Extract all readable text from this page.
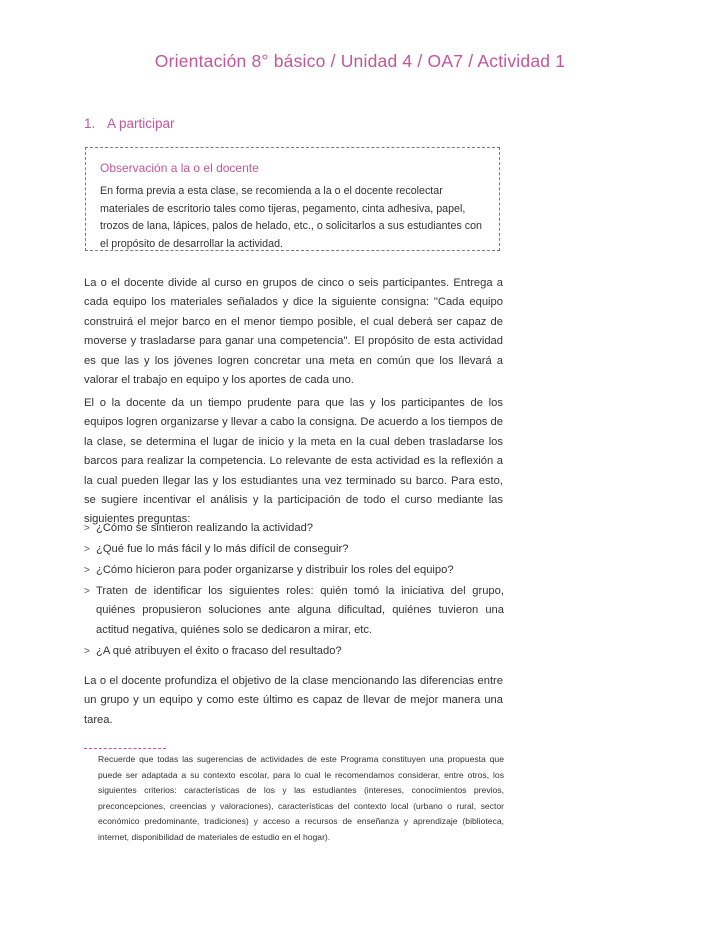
Orientación 8° básico / Unidad 4 / OA7 / Actividad 1
1. A participar
Observación a la o el docente
En forma previa a esta clase, se recomienda a la o el docente recolectar materiales de escritorio tales como tijeras, pegamento, cinta adhesiva, papel, trozos de lana, lápices, palos de helado, etc., o solicitarlos a sus estudiantes con el propósito de desarrollar la actividad.

La o el docente divide al curso en grupos de cinco o seis participantes. Entrega a cada equipo los materiales señalados y dice la siguiente consigna: "Cada equipo construirá el mejor barco en el menor tiempo posible, el cual deberá ser capaz de moverse y trasladarse para ganar una competencia". El propósito de esta actividad es que las y los jóvenes logren concretar una meta en común que los llevará a valorar el trabajo en equipo y los aportes de cada uno.

El o la docente da un tiempo prudente para que las y los participantes de los equipos logren organizarse y llevar a cabo la consigna. De acuerdo a los tiempos de la clase, se determina el lugar de inicio y la meta en la cual deben trasladarse los barcos para realizar la competencia. Lo relevante de esta actividad es la reflexión a la cual pueden llegar las y los estudiantes una vez terminado su barco. Para esto, se sugiere incentivar el análisis y la participación de todo el curso mediante las siguientes preguntas:

> ¿Cómo se sintieron realizando la actividad?
> ¿Qué fue lo más fácil y lo más difícil de conseguir?
> ¿Cómo hicieron para poder organizarse y distribuir los roles del equipo?
> Traten de identificar los siguientes roles: quién tomó la iniciativa del grupo, quiénes propusieron soluciones ante alguna dificultad, quiénes tuvieron una actitud negativa, quiénes solo se dedicaron a mirar, etc.
> ¿A qué atribuyen el éxito o fracaso del resultado?

La o el docente profundiza el objetivo de la clase mencionando las diferencias entre un grupo y un equipo y como este último es capaz de llevar de mejor manera una tarea.

Recuerde que todas las sugerencias de actividades de este Programa constituyen una propuesta que puede ser adaptada a su contexto escolar, para lo cual le recomendamos considerar, entre otros, los siguientes criterios: características de los y las estudiantes (intereses, conocimientos previos, preconcepciones, creencias y valoraciones), características del contexto local (urbano o rural, sector económico predominante, tradiciones) y acceso a recursos de enseñanza y aprendizaje (biblioteca, internet, disponibilidad de materiales de estudio en el hogar).
